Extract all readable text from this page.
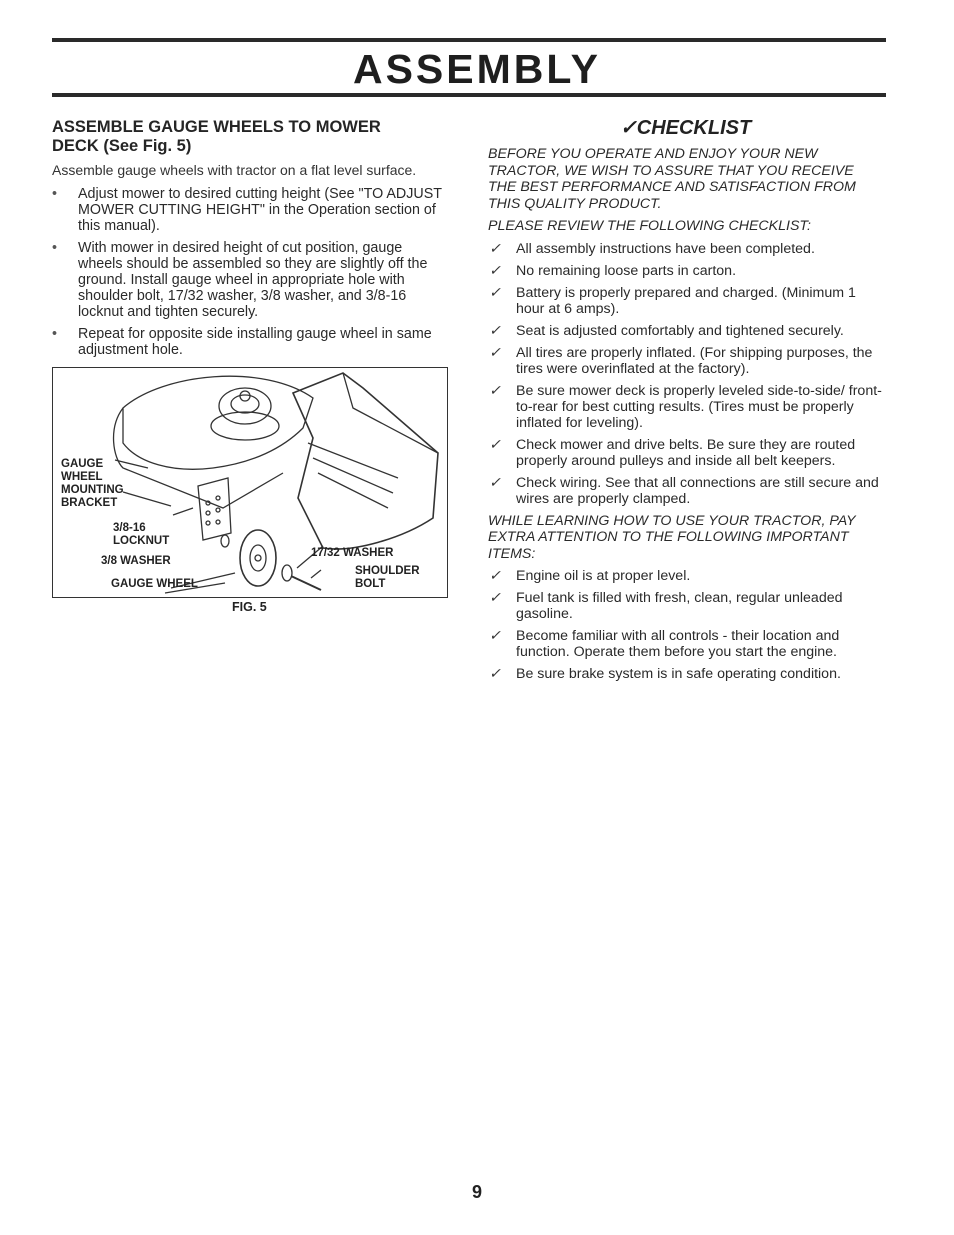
ASSEMBLY
ASSEMBLE GAUGE WHEELS TO MOWER
DECK (See Fig. 5)

Assemble gauge wheels with tractor on a flat level surface.

• Adjust mower to desired cutting height (See "TO ADJUST MOWER CUTTING HEIGHT" in the Operation section of this manual).
• With mower in desired height of cut position, gauge wheels should be assembled so they are slightly off the ground. Install gauge wheel in appropriate hole with shoulder bolt, 17/32 washer, 3/8 washer, and 3/8-16 locknut and tighten securely.
• Repeat for opposite side installing gauge wheel in same adjustment hole.
GAUGE
WHEEL
MOUNTING
BRACKET
3/8-16
LOCKNUT
3/8 WASHER
GAUGE WHEEL
17/32 WASHER
SHOULDER
BOLT
FIG. 5
✓CHECKLIST

BEFORE YOU OPERATE AND ENJOY YOUR NEW TRACTOR, WE WISH TO ASSURE THAT YOU RECEIVE THE BEST PERFORMANCE AND SATISFACTION FROM THIS QUALITY PRODUCT.

PLEASE REVIEW THE FOLLOWING CHECKLIST:

✓ All assembly instructions have been completed.
✓ No remaining loose parts in carton.
✓ Battery is properly prepared and charged. (Minimum 1 hour at 6 amps).
✓ Seat is adjusted comfortably and tightened securely.
✓ All tires are properly inflated. (For shipping purposes, the tires were overinflated at the factory).
✓ Be sure mower deck is properly leveled side-to-side/ front-to-rear for best cutting results. (Tires must be properly inflated for leveling).
✓ Check mower and drive belts. Be sure they are routed properly around pulleys and inside all belt keepers.
✓ Check wiring. See that all connections are still secure and wires are properly clamped.

WHILE LEARNING HOW TO USE YOUR TRACTOR, PAY EXTRA ATTENTION TO THE FOLLOWING IMPORTANT ITEMS:

✓ Engine oil is at proper level.
✓ Fuel tank is filled with fresh, clean, regular unleaded gasoline.
✓ Become familiar with all controls - their location and function. Operate them before you start the engine.
✓ Be sure brake system is in safe operating condition.
9
